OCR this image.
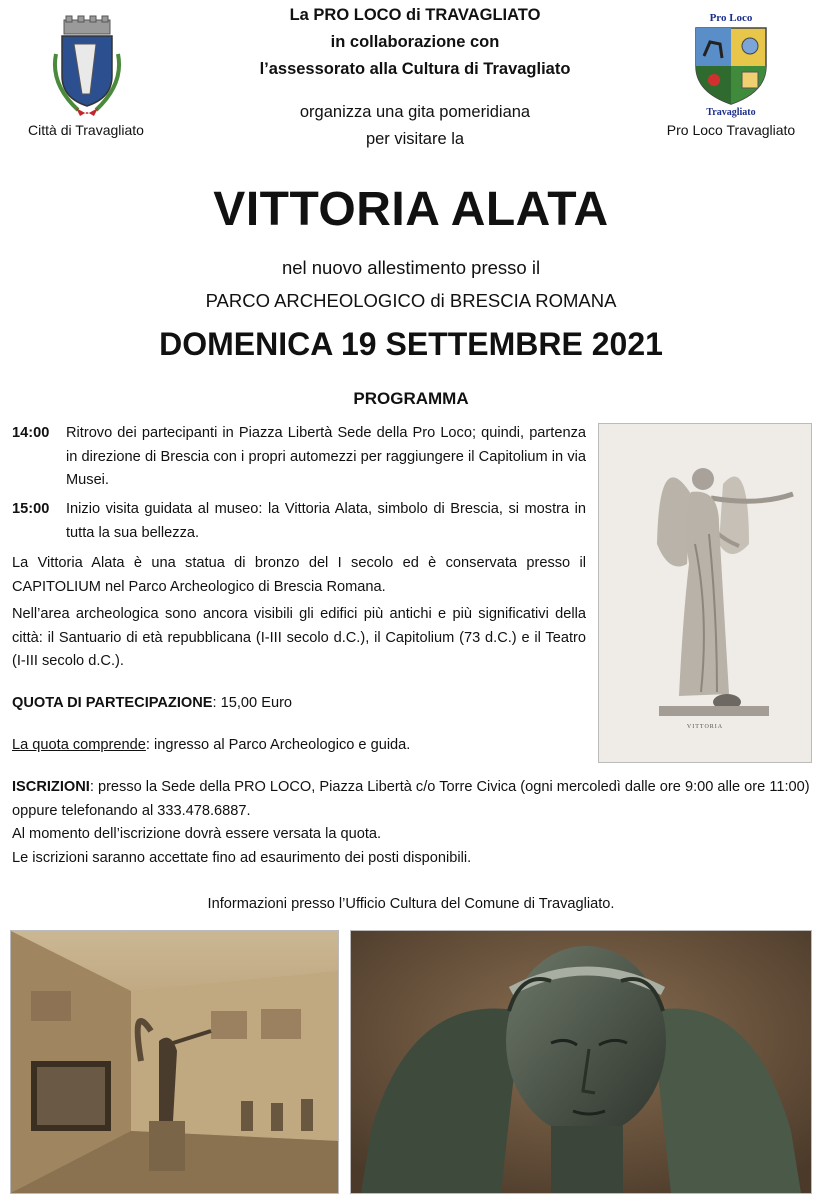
Città di Travagliato
Pro Loco
Travagliato
Pro Loco Travagliato
La PRO LOCO di TRAVAGLIATO
in collaborazione con
l’assessorato alla Cultura di Travagliato
organizza una gita pomeridiana
per visitare la
VITTORIA ALATA
nel nuovo allestimento presso il
PARCO ARCHEOLOGICO di BRESCIA ROMANA
DOMENICA 19 SETTEMBRE 2021
PROGRAMMA
14:00	Ritrovo dei partecipanti in Piazza Libertà Sede della Pro Loco; quindi, partenza in direzione di Brescia con i propri automezzi per raggiungere il Capitolium in via Musei.
15:00	Inizio visita guidata al museo: la Vittoria Alata, simbolo di Brescia, si mostra in tutta la sua bellezza.
La Vittoria Alata è una statua di bronzo del I secolo ed è conservata presso il CAPITOLIUM nel Parco Archeologico di Brescia Romana.
Nell’area archeologica sono ancora visibili gli edifici più antichi e più significativi della città: il Santuario di età repubblicana (I-III secolo d.C.), il Capitolium (73 d.C.) e il Teatro (I-III secolo d.C.).
QUOTA DI PARTECIPAZIONE: 15,00 Euro
La quota comprende: ingresso al Parco Archeologico e guida.
ISCRIZIONI: presso la Sede della PRO LOCO, Piazza Libertà c/o Torre Civica (ogni mercoledì dalle ore 9:00 alle ore 11:00)
oppure telefonando al 333.478.6887.
Al momento dell’iscrizione dovrà essere versata la quota.
Le iscrizioni saranno accettate fino ad esaurimento dei posti disponibili.
Informazioni presso l’Ufficio Cultura del Comune di Travagliato.
VITTORIA
